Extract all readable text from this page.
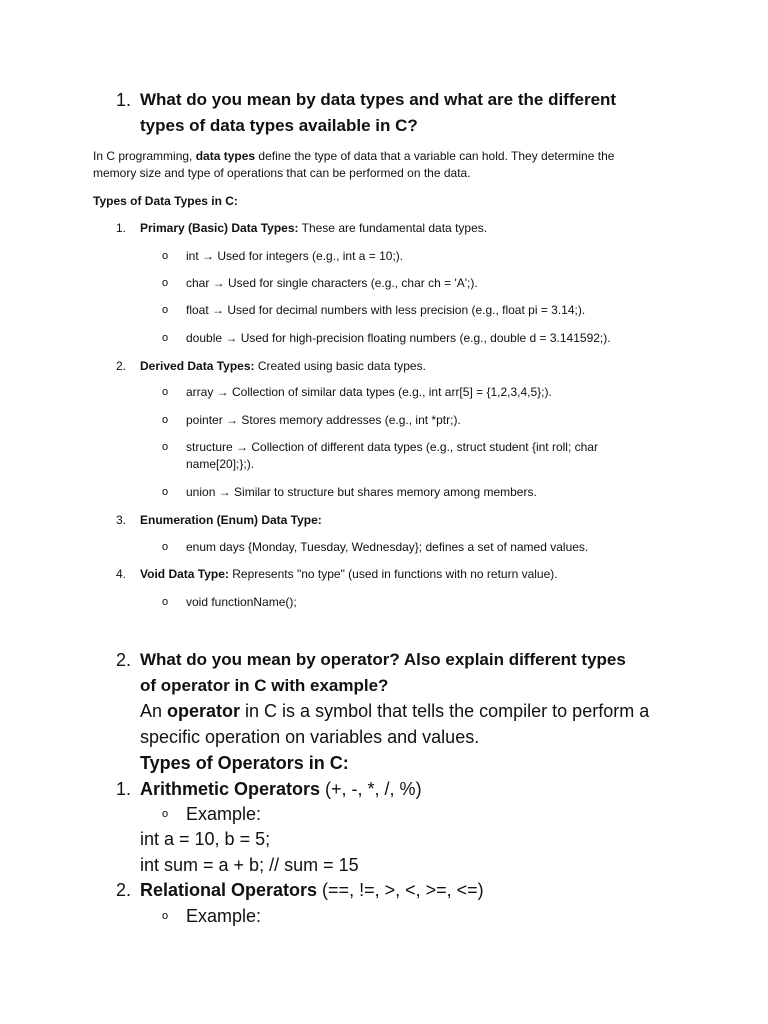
1. What do you mean by data types and what are the different
types of data types available in C?
In C programming, data types define the type of data that a variable can hold. They determine the
memory size and type of operations that can be performed on the data.
Types of Data Types in C:
1. Primary (Basic) Data Types: These are fundamental data types.
o int → Used for integers (e.g., int a = 10;).
o char → Used for single characters (e.g., char ch = 'A';).
o float → Used for decimal numbers with less precision (e.g., float pi = 3.14;).
o double → Used for high-precision floating numbers (e.g., double d = 3.141592;).
2. Derived Data Types: Created using basic data types.
o array → Collection of similar data types (e.g., int arr[5] = {1,2,3,4,5};).
o pointer → Stores memory addresses (e.g., int *ptr;).
o structure → Collection of different data types (e.g., struct student {int roll; char
name[20];};).
o union → Similar to structure but shares memory among members.
3. Enumeration (Enum) Data Type:
o enum days {Monday, Tuesday, Wednesday}; defines a set of named values.
4. Void Data Type: Represents "no type" (used in functions with no return value).
o void functionName();
2. What do you mean by operator? Also explain different types
of operator in C with example?
An operator in C is a symbol that tells the compiler to perform a
specific operation on variables and values.
Types of Operators in C:
1. Arithmetic Operators (+, -, *, /, %)
o Example:
int a = 10, b = 5;
int sum = a + b; // sum = 15
2. Relational Operators (==, !=, >, <, >=, <=)
o Example:
